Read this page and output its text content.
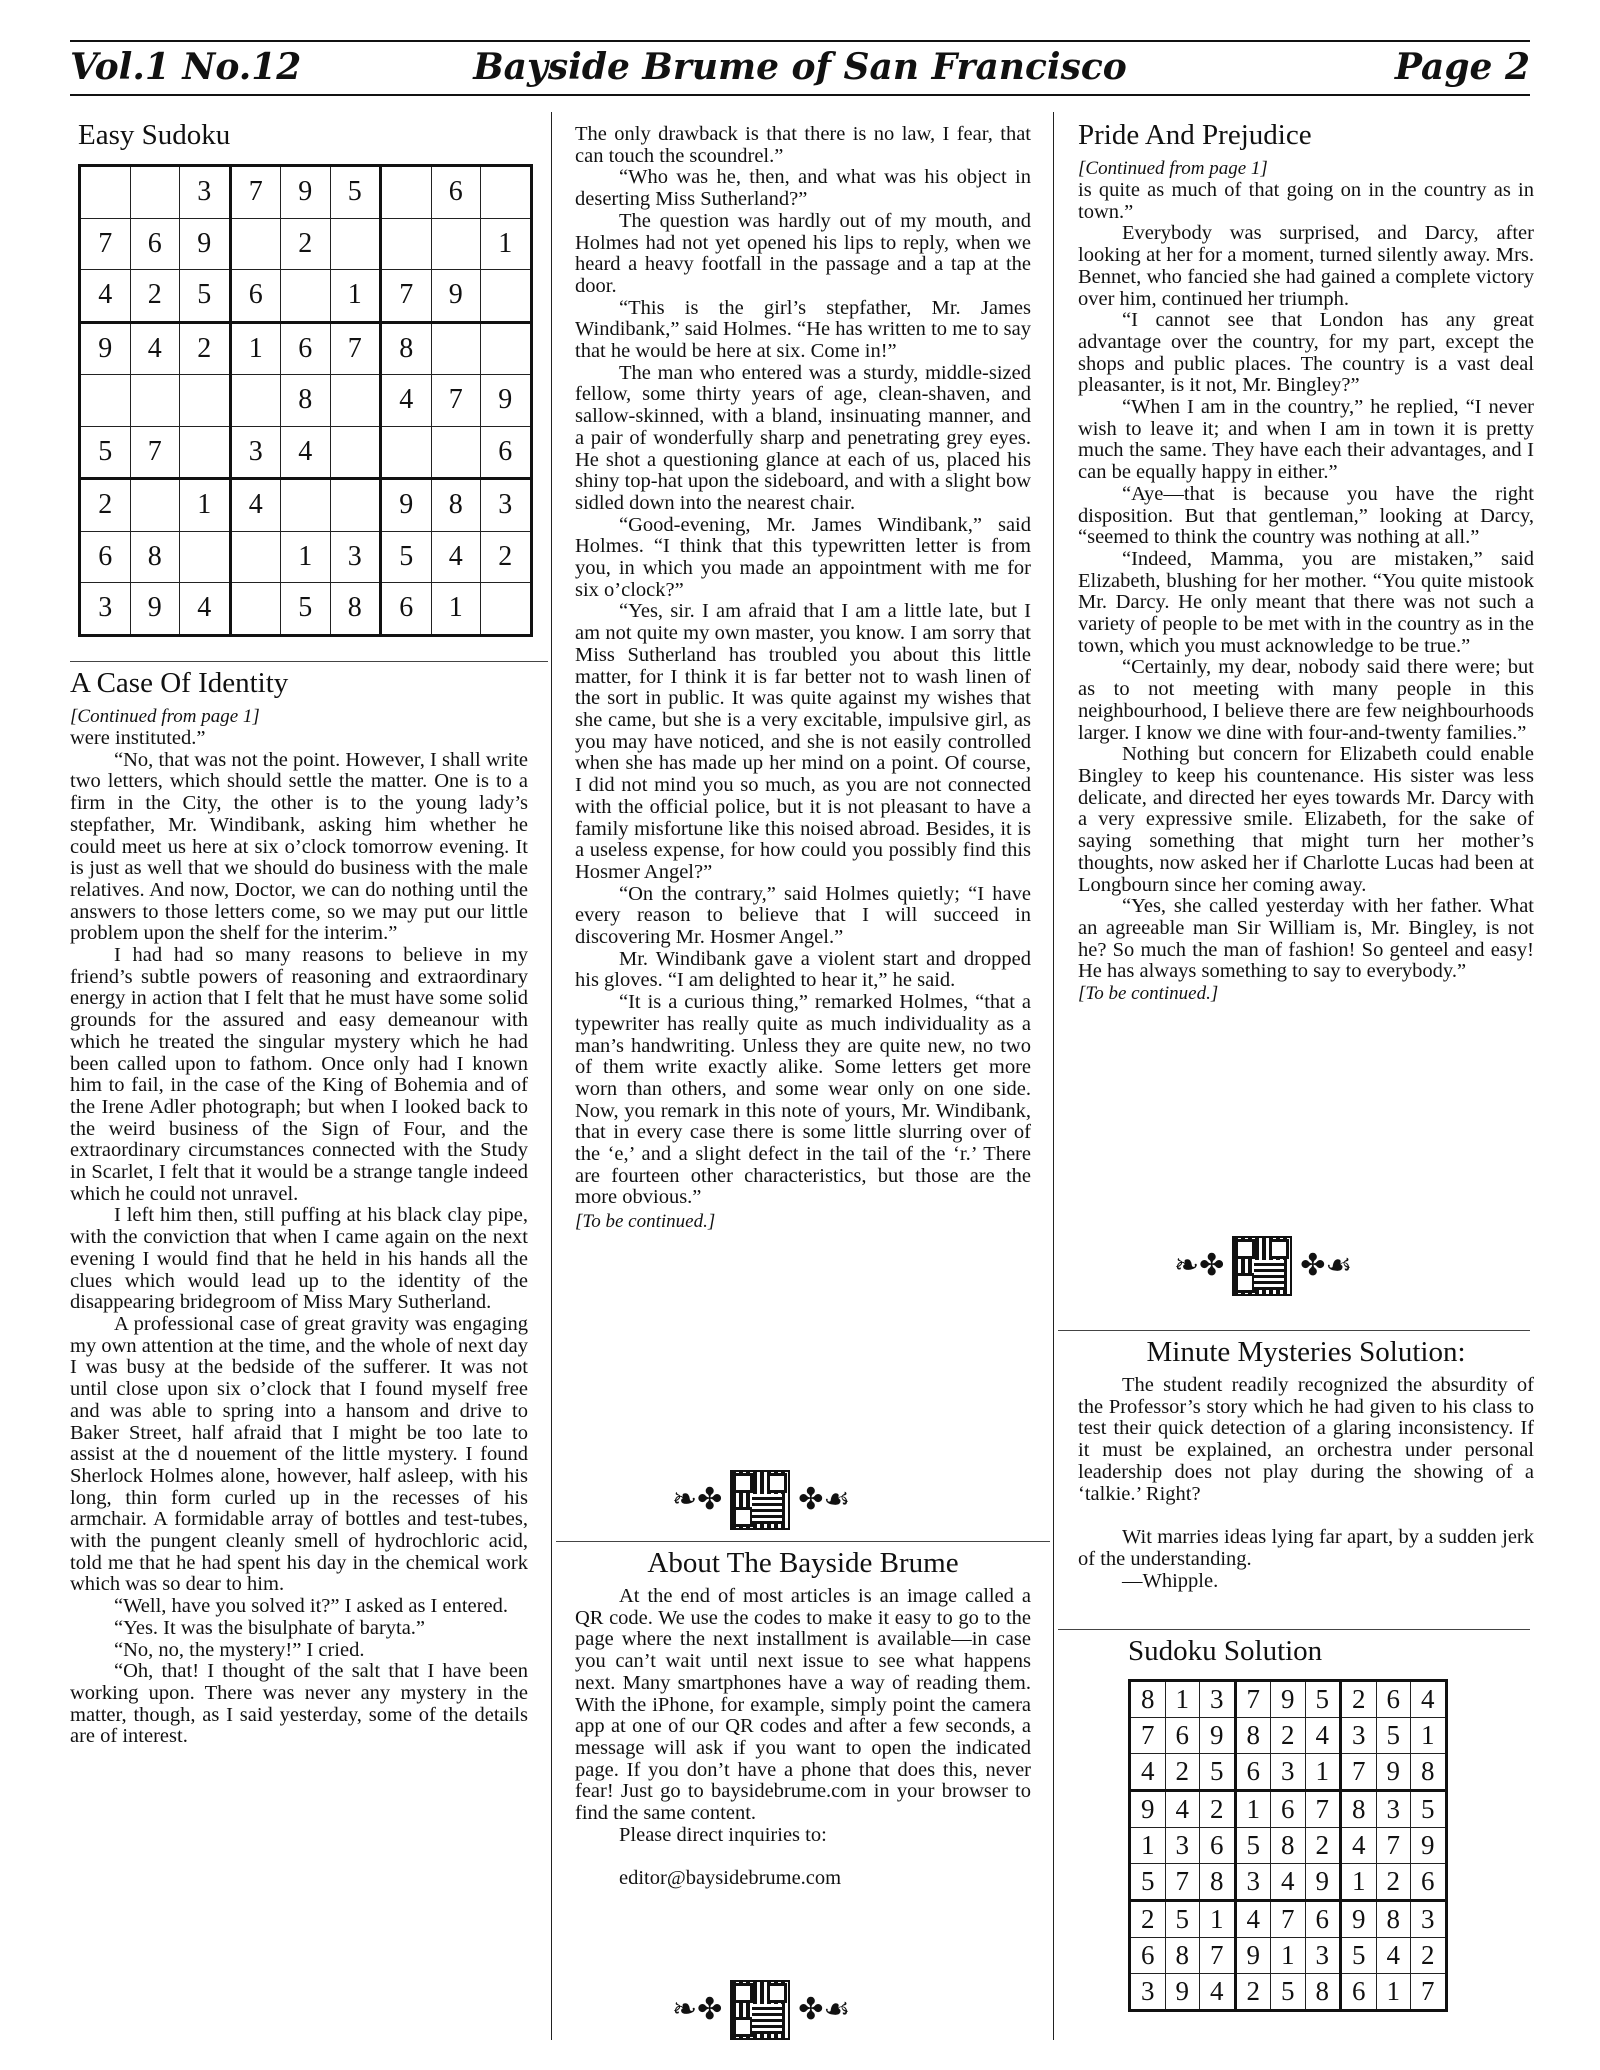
Vol.1 No.12	Bayside Brume of San Francisco	Page 2
Easy Sudoku
		3	7	9	5		6	
7	6	9		2				1
4	2	5	6		1	7	9	
9	4	2	1	6	7	8		
				8		4	7	9
5	7		3	4				6
2		1	4			9	8	3
6	8			1	3	5	4	2
3	9	4		5	8	6	1	
A Case Of Identity
[Continued from page 1]

were instituted.”

“No, that was not the point. However, I shall write two letters, which should settle the matter. One is to a firm in the City, the other is to the young lady’s stepfather, Mr. Windibank, asking him whether he could meet us here at six o’clock tomorrow evening. It is just as well that we should do business with the male relatives. And now, Doctor, we can do nothing until the answers to those letters come, so we may put our little problem upon the shelf for the interim.”

I had had so many reasons to believe in my friend’s subtle powers of reasoning and extraordinary energy in action that I felt that he must have some solid grounds for the assured and easy demeanour with which he treated the singular mystery which he had been called upon to fathom. Once only had I known him to fail, in the case of the King of Bohemia and of the Irene Adler photograph; but when I looked back to the weird business of the Sign of Four, and the extraordinary circumstances connected with the Study in Scarlet, I felt that it would be a strange tangle indeed which he could not unravel.

I left him then, still puffing at his black clay pipe, with the conviction that when I came again on the next evening I would find that he held in his hands all the clues which would lead up to the identity of the disappearing bridegroom of Miss Mary Sutherland.

A professional case of great gravity was engaging my own attention at the time, and the whole of next day I was busy at the bedside of the sufferer. It was not until close upon six o’clock that I found myself free and was able to spring into a hansom and drive to Baker Street, half afraid that I might be too late to assist at the d nouement of the little mystery. I found Sherlock Holmes alone, however, half asleep, with his long, thin form curled up in the recesses of his armchair. A formidable array of bottles and test-tubes, with the pungent cleanly smell of hydrochloric acid, told me that he had spent his day in the chemical work which was so dear to him.

“Well, have you solved it?” I asked as I entered.

“Yes. It was the bisulphate of baryta.”

“No, no, the mystery!” I cried.

“Oh, that! I thought of the salt that I have been working upon. There was never any mystery in the matter, though, as I said yesterday, some of the details are of interest.

The only drawback is that there is no law, I fear, that can touch the scoundrel.”

“Who was he, then, and what was his object in deserting Miss Sutherland?”

The question was hardly out of my mouth, and Holmes had not yet opened his lips to reply, when we heard a heavy footfall in the passage and a tap at the door.

“This is the girl’s stepfather, Mr. James Windibank,” said Holmes. “He has written to me to say that he would be here at six. Come in!”

The man who entered was a sturdy, middle-sized fellow, some thirty years of age, clean-shaven, and sallow-skinned, with a bland, insinuating manner, and a pair of wonderfully sharp and penetrating grey eyes. He shot a questioning glance at each of us, placed his shiny top-hat upon the sideboard, and with a slight bow sidled down into the nearest chair.

“Good-evening, Mr. James Windibank,” said Holmes. “I think that this typewritten letter is from you, in which you made an appointment with me for six o’clock?”

“Yes, sir. I am afraid that I am a little late, but I am not quite my own master, you know. I am sorry that Miss Sutherland has troubled you about this little matter, for I think it is far better not to wash linen of the sort in public. It was quite against my wishes that she came, but she is a very excitable, impulsive girl, as you may have noticed, and she is not easily controlled when she has made up her mind on a point. Of course, I did not mind you so much, as you are not connected with the official police, but it is not pleasant to have a family misfortune like this noised abroad. Besides, it is a useless expense, for how could you possibly find this Hosmer Angel?”

“On the contrary,” said Holmes quietly; “I have every reason to believe that I will succeed in discovering Mr. Hosmer Angel.”

Mr. Windibank gave a violent start and dropped his gloves. “I am delighted to hear it,” he said.

“It is a curious thing,” remarked Holmes, “that a typewriter has really quite as much individuality as a man’s handwriting. Unless they are quite new, no two of them write exactly alike. Some letters get more worn than others, and some wear only on one side. Now, you remark in this note of yours, Mr. Windibank, that in every case there is some little slurring over of the ‘e,’ and a slight defect in the tail of the ‘r.’ There are fourteen other characteristics, but those are the more obvious.”

[To be continued.]
❧✤	✤☙
About The Bayside Brume

At the end of most articles is an image called a QR code. We use the codes to make it easy to go to the page where the next installment is available—in case you can’t wait until next issue to see what happens next. Many smartphones have a way of reading them. With the iPhone, for example, simply point the camera app at one of our QR codes and after a few seconds, a message will ask if you want to open the indicated page. If you don’t have a phone that does this, never fear! Just go to baysidebrume.com in your browser to find the same content.

Please direct inquiries to:

editor@baysidebrume.com

❧✤	✤☙
Pride And Prejudice
[Continued from page 1]

is quite as much of that going on in the country as in town.”

Everybody was surprised, and Darcy, after looking at her for a moment, turned silently away. Mrs. Bennet, who fancied she had gained a complete victory over him, continued her triumph.

“I cannot see that London has any great advantage over the country, for my part, except the shops and public places. The country is a vast deal pleasanter, is it not, Mr. Bingley?”

“When I am in the country,” he replied, “I never wish to leave it; and when I am in town it is pretty much the same. They have each their advantages, and I can be equally happy in either.”

“Aye—that is because you have the right disposition. But that gentleman,” looking at Darcy, “seemed to think the country was nothing at all.”

“Indeed, Mamma, you are mistaken,” said Elizabeth, blushing for her mother. “You quite mistook Mr. Darcy. He only meant that there was not such a variety of people to be met with in the country as in the town, which you must acknowledge to be true.”

“Certainly, my dear, nobody said there were; but as to not meeting with many people in this neighbourhood, I believe there are few neighbourhoods larger. I know we dine with four-and-twenty families.”

Nothing but concern for Elizabeth could enable Bingley to keep his countenance. His sister was less delicate, and directed her eyes towards Mr. Darcy with a very expressive smile. Elizabeth, for the sake of saying something that might turn her mother’s thoughts, now asked her if Charlotte Lucas had been at Longbourn since her coming away.

“Yes, she called yesterday with her father. What an agreeable man Sir William is, Mr. Bingley, is not he? So much the man of fashion! So genteel and easy! He has always something to say to everybody.”

[To be continued.]
❧✤	✤☙
Minute Mysteries Solution:

The student readily recognized the absurdity of the Professor’s story which he had given to his class to test their quick detection of a glaring inconsistency. If it must be explained, an orchestra under personal leadership does not play during the showing of a ‘talkie.’ Right?

Wit marries ideas lying far apart, by a sudden jerk of the understanding.

—Whipple.

Sudoku Solution
8	1	3	7	9	5	2	6	4
7	6	9	8	2	4	3	5	1
4	2	5	6	3	1	7	9	8
9	4	2	1	6	7	8	3	5
1	3	6	5	8	2	4	7	9
5	7	8	3	4	9	1	2	6
2	5	1	4	7	6	9	8	3
6	8	7	9	1	3	5	4	2
3	9	4	2	5	8	6	1	7
